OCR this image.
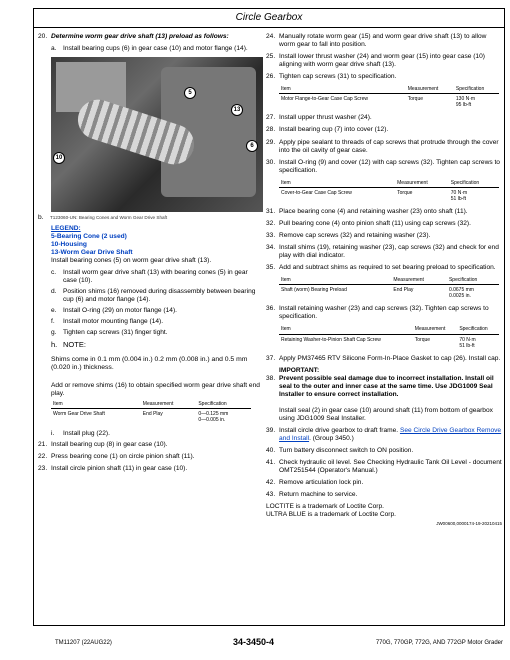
Circle Gearbox
20. Determine worm gear drive shaft (13) preload as follows:
a. Install bearing cups (6) in gear case (10) and motor flange (14).
5
13
6
10
b. T123060-UN: Bearing Cones and Worm Gear Drive Shaft
LEGEND:
5-Bearing Cone (2 used)
10-Housing
13-Worm Gear Drive Shaft
Install bearing cones (5) on worm gear drive shaft (13).
c. Install worm gear drive shaft (13) with bearing cones (5) in gear case (10).
d. Position shims (16) removed during disassembly between bearing cup (6) and motor flange (14).
e. Install O-ring (29) on motor flange (14).
f. Install motor mounting flange (14).
g. Tighten cap screws (31) finger tight.
h. NOTE:
Shims come in 0.1 mm (0.004 in.) 0.2 mm (0.008 in.) and 0.5 mm (0.020 in.) thickness.
Add or remove shims (16) to obtain specified worm gear drive shaft end play.
Item	Measurement	Specification
Worm Gear Drive Shaft	End Play	0—0.125 mm
0—0.005 in.
i. Install plug (22).
21. Install bearing cup (8) in gear case (10).
22. Press bearing cone (1) on circle pinion shaft (11).
23. Install circle pinion shaft (11) in gear case (10).
24. Manually rotate worm gear (15) and worm gear drive shaft (13) to allow worm gear to fall into position.
25. Install lower thrust washer (24) and worm gear (15) into gear case (10) aligning with worm gear drive shaft (13).
26. Tighten cap screws (31) to specification.
Item	Measurement	Specification
Motor Flange-to-Gear Case Cap Screw	Torque	130 N·m
95 lb-ft
27. Install upper thrust washer (24).
28. Install bearing cup (7) into cover (12).
29. Apply pipe sealant to threads of cap screws that protrude through the cover into the oil cavity of gear case.
30. Install O-ring (9) and cover (12) with cap screws (32). Tighten cap screws to specification.
Item	Measurement	Specification
Cover-to-Gear Case Cap Screw	Torque	70 N·m
51 lb-ft
31. Place bearing cone (4) and retaining washer (23) onto shaft (11).
32. Pull bearing cone (4) onto pinion shaft (11) using cap screws (32).
33. Remove cap screws (32) and retaining washer (23).
34. Install shims (19), retaining washer (23), cap screws (32) and check for end play with dial indicator.
35. Add and subtract shims as required to set bearing preload to specification.
Item	Measurement	Specification
Shaft (worm) Bearing Preload	End Play	0.0675 mm
0.0025 in.
36. Install retaining washer (23) and cap screws (32). Tighten cap screws to specification.
Item	Measurement	Specification
Retaining Washer-to-Pinion Shaft Cap Screw	Torque	70 N·m
51 lb-ft
37. Apply PM37465 RTV Silicone Form-In-Place Gasket to cap (26). Install cap.
IMPORTANT:
38. Prevent possible seal damage due to incorrect installation. Install oil seal to the outer and inner case at the same time. Use JDG1009 Seal Installer to ensure correct installation.
Install seal (2) in gear case (10) around shaft (11) from bottom of gearbox using JDG1009 Seal Installer.
39. Install circle drive gearbox to draft frame. See Circle Drive Gearbox Remove and Install. (Group 3450.)
40. Turn battery disconnect switch to ON position.
41. Check hydraulic oil level. See Checking Hydraulic Tank Oil Level - document OMT251544 (Operator's Manual.)
42. Remove articulation lock pin.
43. Return machine to service.
LOCTITE is a trademark of Loctite Corp.
ULTRA BLUE is a trademark of Loctite Corp.
JW00600,0000174-19-20210415
TM11207 (22AUG22)	34-3450-4	770G, 770GP, 772G, AND 772GP Motor Grader
